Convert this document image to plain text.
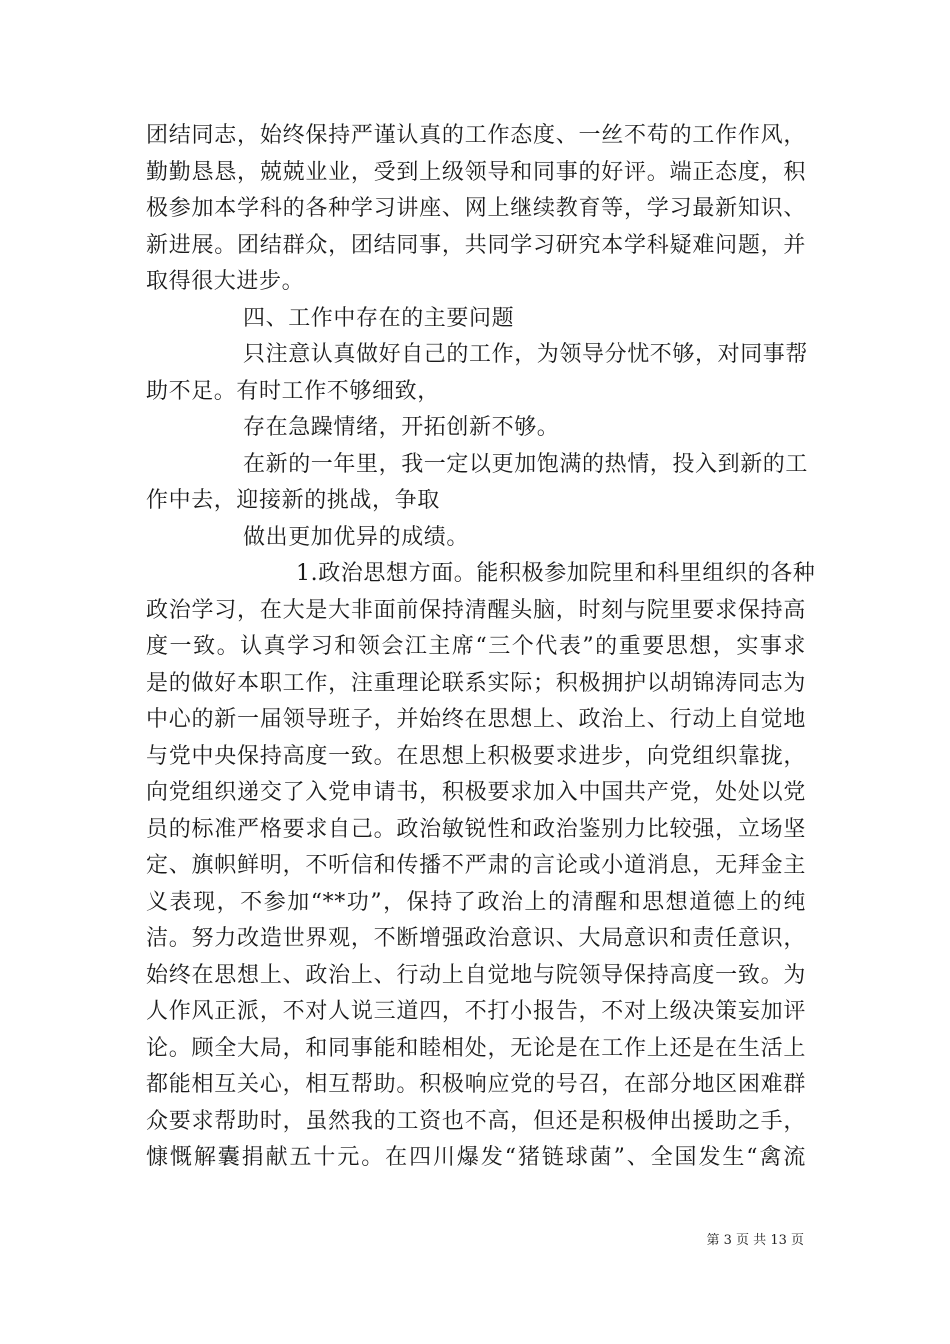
团结同志，始终保持严谨认真的工作态度、一丝不苟的工作作风，
勤勤恳恳，兢兢业业，受到上级领导和同事的好评。端正态度，积
极参加本学科的各种学习讲座、网上继续教育等，学习最新知识、
新进展。团结群众，团结同事，共同学习研究本学科疑难问题，并
取得很大进步。
四、工作中存在的主要问题
只注意认真做好自己的工作，为领导分忧不够，对同事帮
助不足。有时工作不够细致，
存在急躁情绪，开拓创新不够。
在新的一年里，我一定以更加饱满的热情，投入到新的工
作中去，迎接新的挑战，争取
做出更加优异的成绩。
1.政治思想方面。能积极参加院里和科里组织的各种
政治学习，在大是大非面前保持清醒头脑，时刻与院里要求保持高
度一致。认真学习和领会江主席“三个代表”的重要思想，实事求
是的做好本职工作，注重理论联系实际；积极拥护以胡锦涛同志为
中心的新一届领导班子，并始终在思想上、政治上、行动上自觉地
与党中央保持高度一致。在思想上积极要求进步，向党组织靠拢，
向党组织递交了入党申请书，积极要求加入中国共产党，处处以党
员的标准严格要求自己。政治敏锐性和政治鉴别力比较强，立场坚
定、旗帜鲜明，不听信和传播不严肃的言论或小道消息，无拜金主
义表现，不参加“**功”，保持了政治上的清醒和思想道德上的纯
洁。努力改造世界观，不断增强政治意识、大局意识和责任意识，
始终在思想上、政治上、行动上自觉地与院领导保持高度一致。为
人作风正派，不对人说三道四，不打小报告，不对上级决策妄加评
论。顾全大局，和同事能和睦相处，无论是在工作上还是在生活上
都能相互关心，相互帮助。积极响应党的号召，在部分地区困难群
众要求帮助时，虽然我的工资也不高，但还是积极伸出援助之手，
慷慨解囊捐献五十元。在四川爆发“猪链球菌”、全国发生“禽流
第 3 页 共 13 页
